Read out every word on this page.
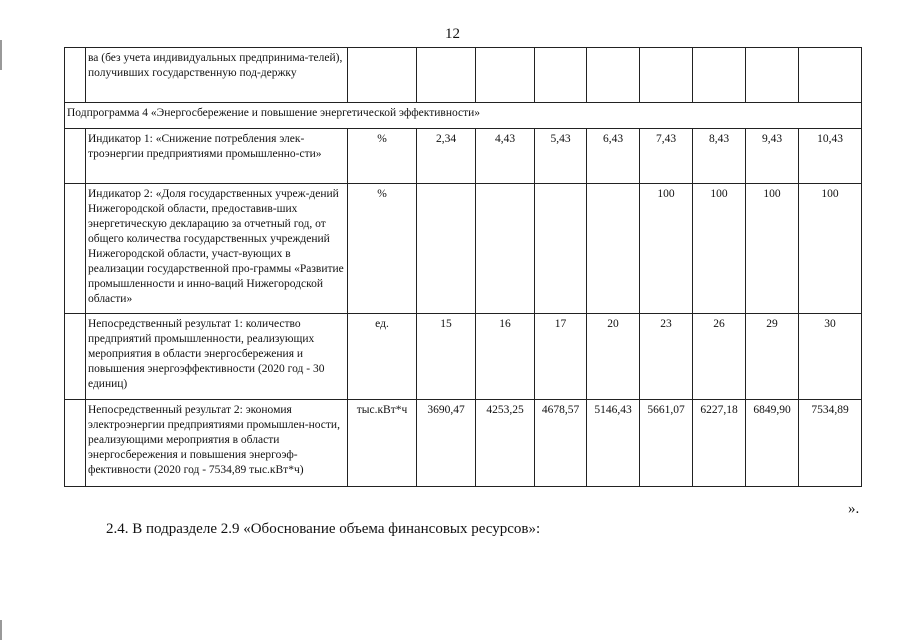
12
	ва (без учета индивидуальных предпринима-телей), получивших государственную под-держку									
Подпрограмма 4 «Энергосбережение и повышение энергетической эффективности»										
	Индикатор 1: «Снижение потребления элек-троэнергии предприятиями промышленно-сти»	%	2,34	4,43	5,43	6,43	7,43	8,43	9,43	10,43
	Индикатор 2: «Доля государственных учреж-дений Нижегородской области, предоставив-ших энергетическую декларацию за отчетный год, от общего количества государственных учреждений Нижегородской области, участ-вующих в реализации государственной про-граммы «Развитие промышленности и инно-ваций Нижегородской области»	%					100	100	100	100
	Непосредственный результат 1: количество предприятий промышленности, реализующих мероприятия в области энергосбережения и повышения энергоэффективности (2020 год - 30 единиц)	ед.	15	16	17	20	23	26	29	30
	Непосредственный результат 2: экономия электроэнергии предприятиями промышлен-ности, реализующими мероприятия в области энергосбережения и повышения энергоэф-фективности (2020 год - 7534,89 тыс.кВт*ч)	тыс.кВт*ч	3690,47	4253,25	4678,57	5146,43	5661,07	6227,18	6849,90	7534,89
».
2.4. В подразделе 2.9 «Обоснование объема финансовых ресурсов»:
